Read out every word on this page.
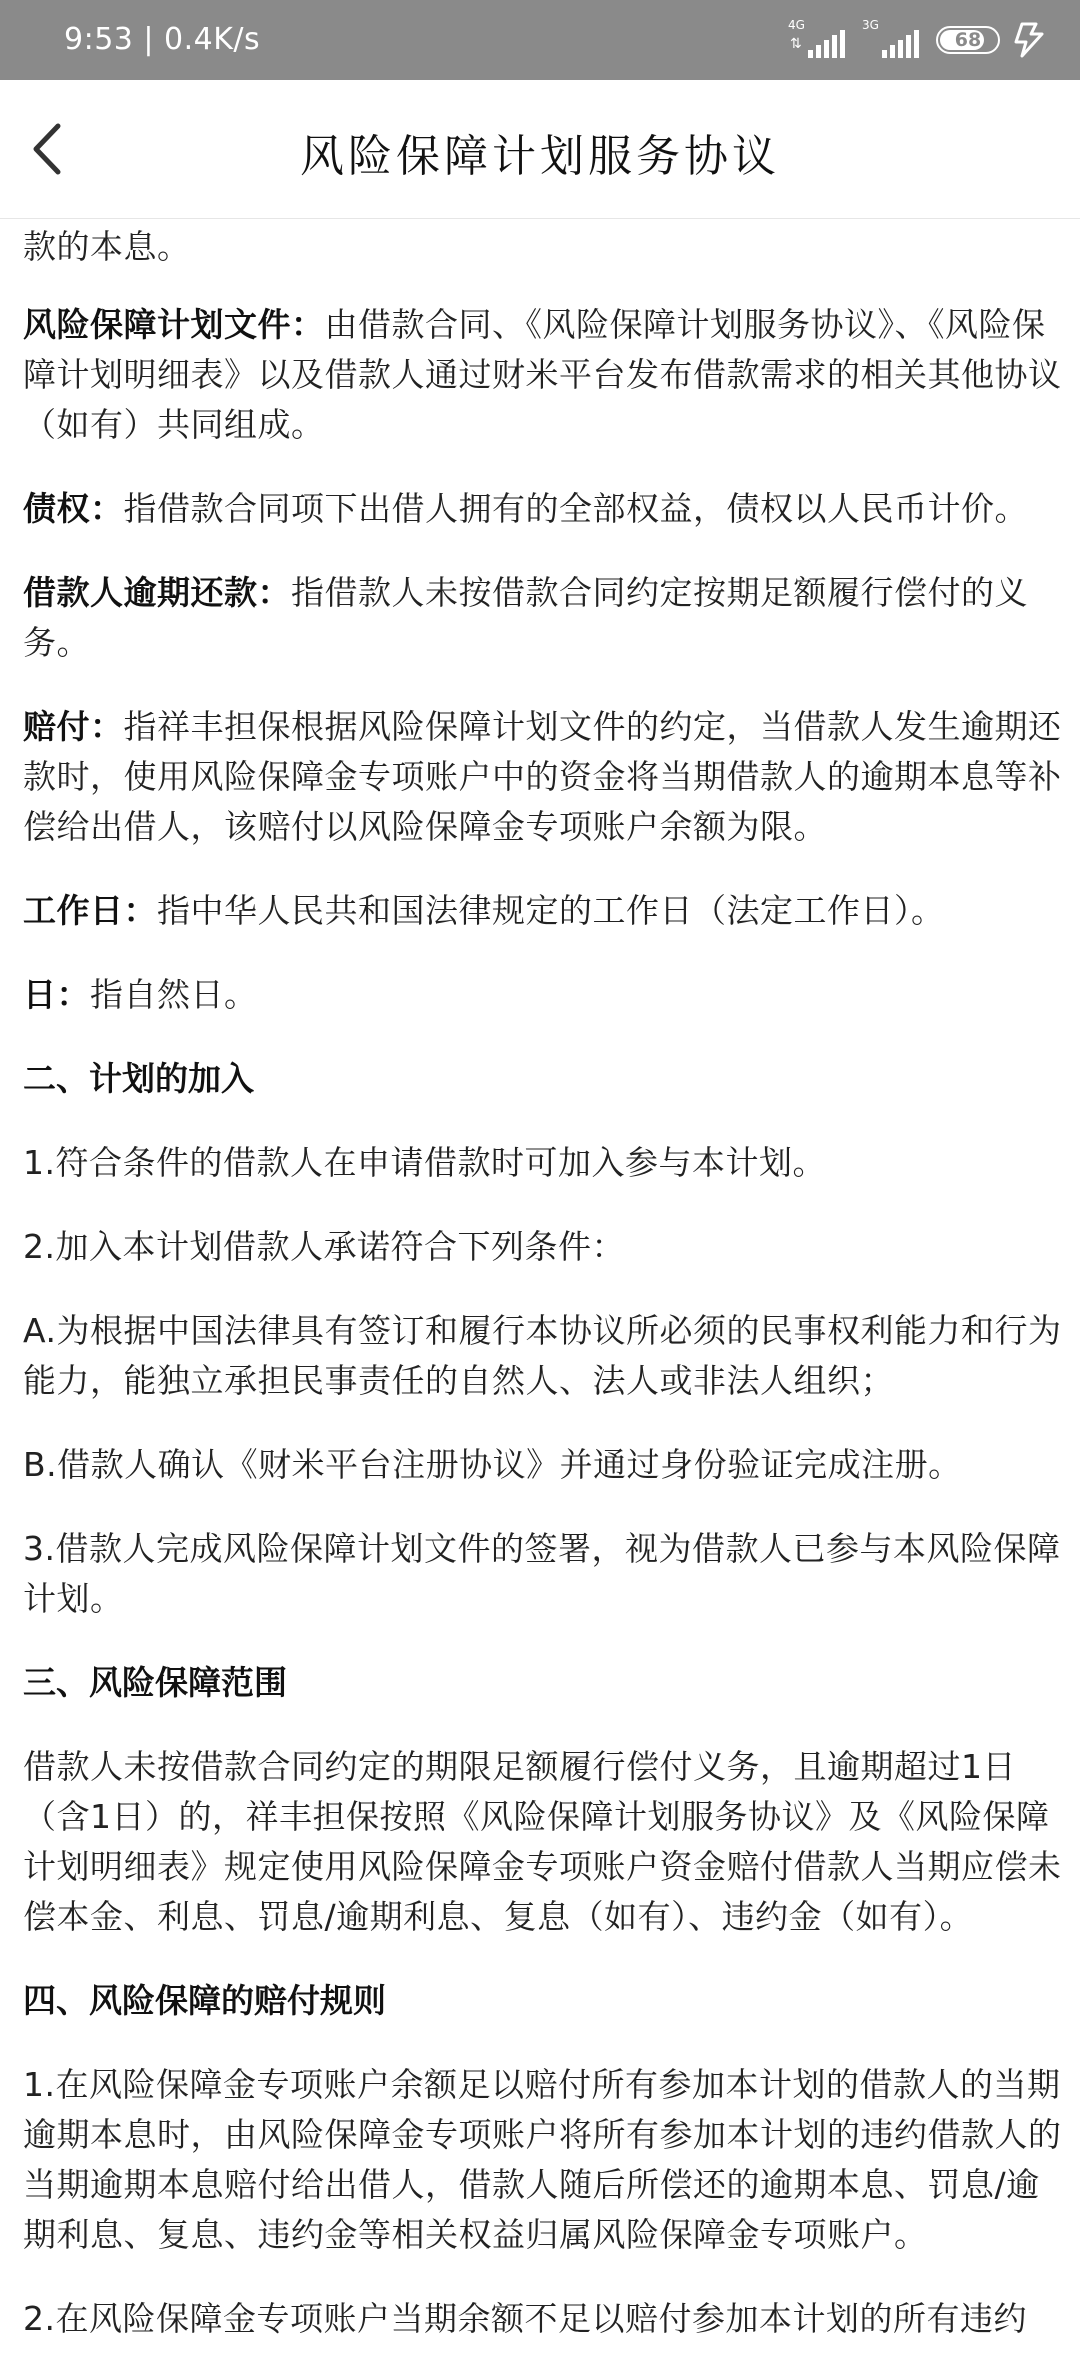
9:53 | 0.4K/s	4G
⇅
3G
68
风险保障计划服务协议

款的本息。

风险保障计划文件：由借款合同、《风险保障计划服务协议》、《风险保障计划明细表》以及借款人通过财米平台发布借款需求的相关其他协议（如有）共同组成。

债权：指借款合同项下出借人拥有的全部权益，债权以人民币计价。

借款人逾期还款：指借款人未按借款合同约定按期足额履行偿付的义务。

赔付：指祥丰担保根据风险保障计划文件的约定，当借款人发生逾期还款时，使用风险保障金专项账户中的资金将当期借款人的逾期本息等补偿给出借人，该赔付以风险保障金专项账户余额为限。

工作日：指中华人民共和国法律规定的工作日（法定工作日）。

日：指自然日。

二、计划的加入

1.符合条件的借款人在申请借款时可加入参与本计划。

2.加入本计划借款人承诺符合下列条件：

A.为根据中国法律具有签订和履行本协议所必须的民事权利能力和行为能力，能独立承担民事责任的自然人、法人或非法人组织；

B.借款人确认《财米平台注册协议》并通过身份验证完成注册。

3.借款人完成风险保障计划文件的签署，视为借款人已参与本风险保障计划。

三、风险保障范围

借款人未按借款合同约定的期限足额履行偿付义务，且逾期超过1日（含1日）的，祥丰担保按照《风险保障计划服务协议》及《风险保障计划明细表》规定使用风险保障金专项账户资金赔付借款人当期应偿未偿本金、利息、罚息/逾期利息、复息（如有）、违约金（如有）。

四、风险保障的赔付规则

1.在风险保障金专项账户余额足以赔付所有参加本计划的借款人的当期逾期本息时，由风险保障金专项账户将所有参加本计划的违约借款人的当期逾期本息赔付给出借人，借款人随后所偿还的逾期本息、罚息/逾期利息、复息、违约金等相关权益归属风险保障金专项账户。

2.在风险保障金专项账户当期余额不足以赔付参加本计划的所有违约
